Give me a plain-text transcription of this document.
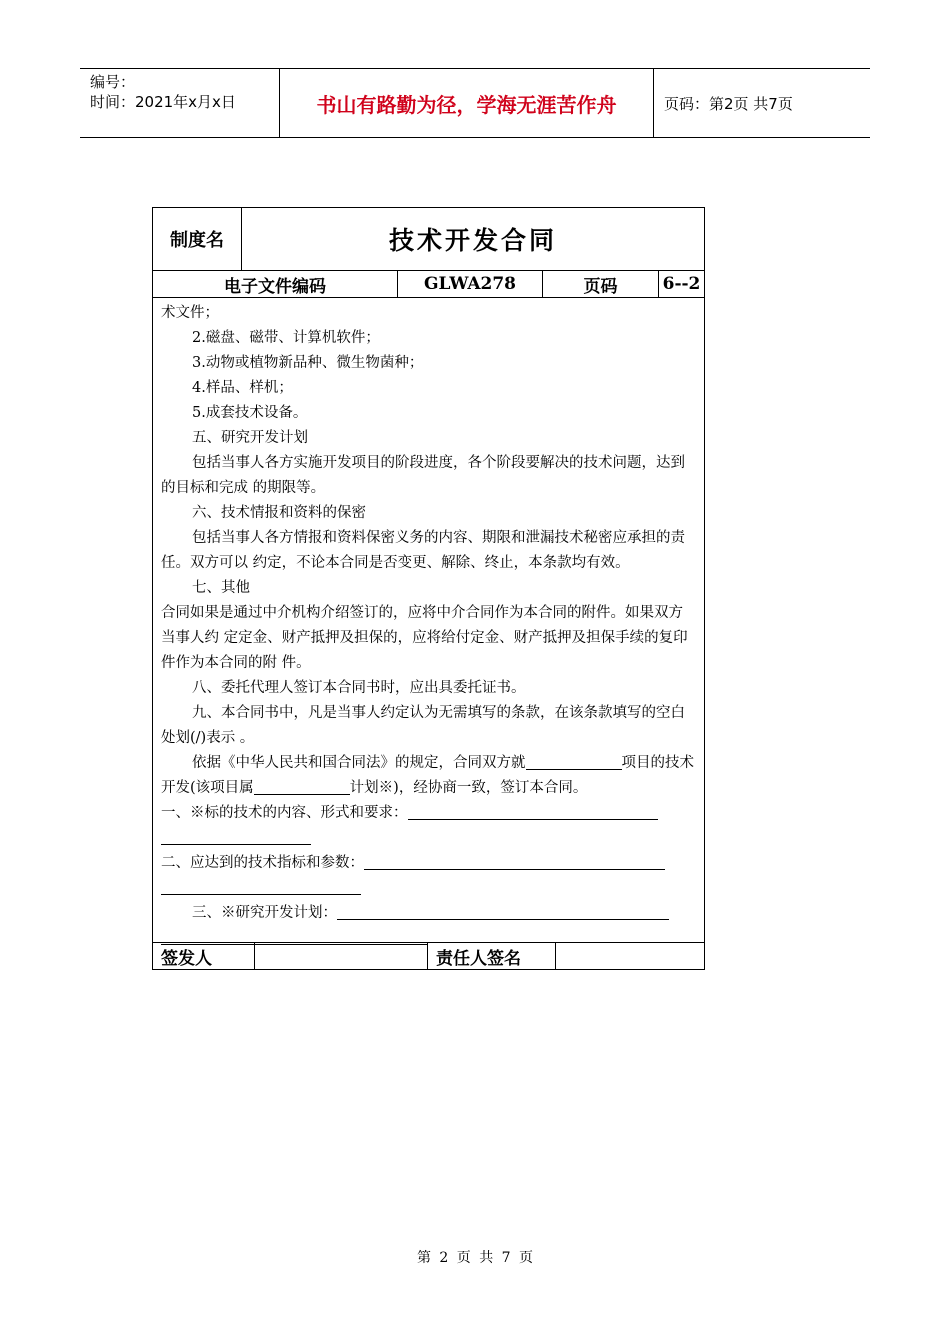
编号：
时间：2021年x月x日	书山有路勤为径，学海无涯苦作舟	页码：第2页 共7页
制度名	技术开发合同
电子文件编码	GLWA278	页码	6--2

术文件；

2.磁盘、磁带、计算机软件；

3.动物或植物新品种、微生物菌种；

4.样品、样机；

5.成套技术设备。

五、研究开发计划

包括当事人各方实施开发项目的阶段进度，各个阶段要解决的技术问题，达到的目标和完成 的期限等。

六、技术情报和资料的保密

包括当事人各方情报和资料保密义务的内容、期限和泄漏技术秘密应承担的责任。双方可以 约定，不论本合同是否变更、解除、终止，本条款均有效。

七、其他

合同如果是通过中介机构介绍签订的，应将中介合同作为本合同的附件。如果双方当事人约 定定金、财产抵押及担保的，应将给付定金、财产抵押及担保手续的复印件作为本合同的附 件。

八、委托代理人签订本合同书时，应出具委托证书。

九、本合同书中，凡是当事人约定认为无需填写的条款，在该条款填写的空白处划(/)表示 。

依据《中华人民共和国合同法》的规定，合同双方就	项目的技术开发(该项目属	计划※)，经协商一致，签订本合同。

一、※标的技术的内容、形式和要求：

二、应达到的技术指标和参数：

三、※研究开发计划：

签发人	责任人签名
第 2 页 共 7 页
